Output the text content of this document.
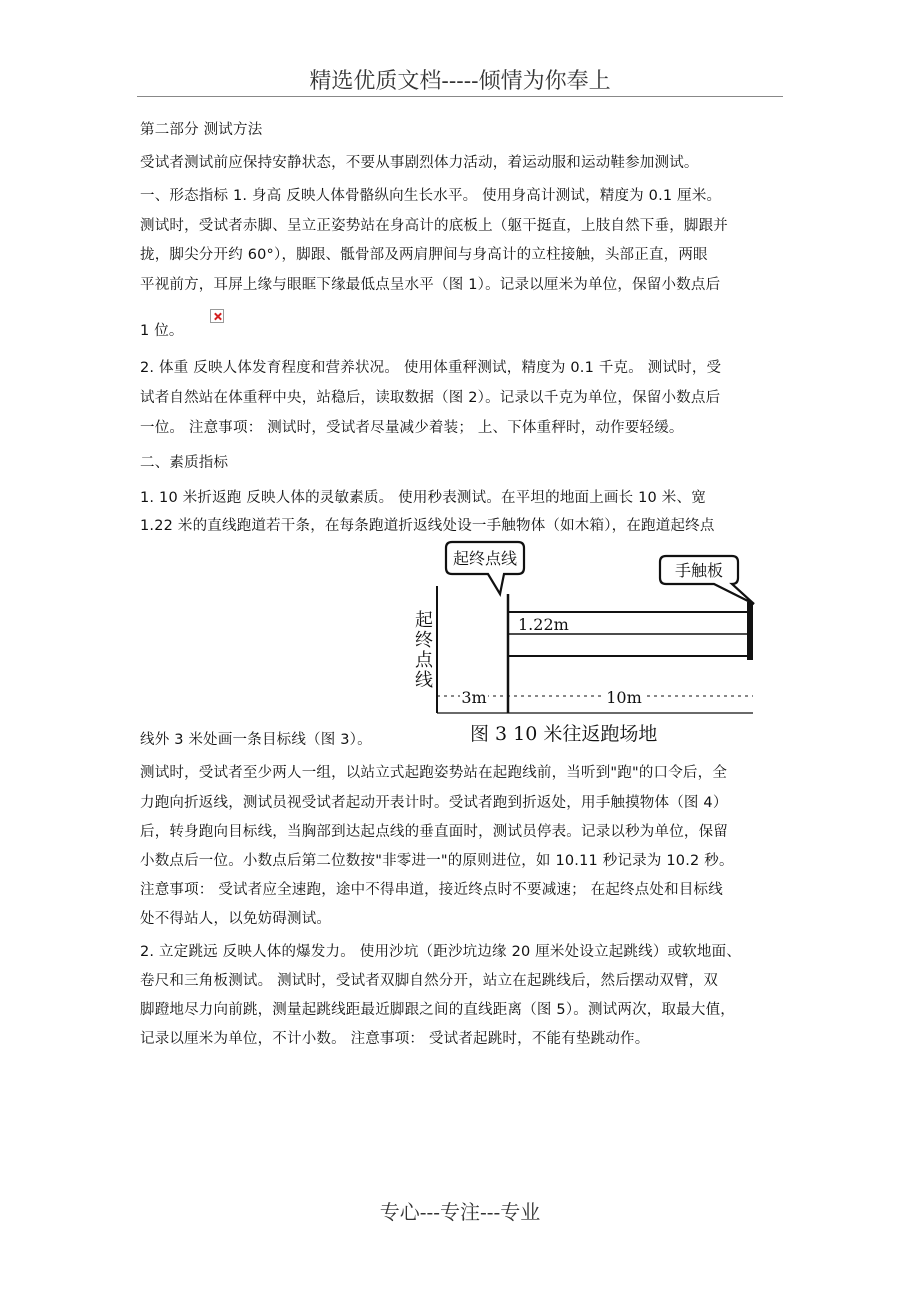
精选优质文档-----倾情为你奉上
第二部分 测试方法
受试者测试前应保持安静状态，不要从事剧烈体力活动，着运动服和运动鞋参加测试。
一、形态指标 1. 身高 反映人体骨骼纵向生长水平。 使用身高计测试，精度为 0.1 厘米。
测试时，受试者赤脚、呈立正姿势站在身高计的底板上（躯干挺直，上肢自然下垂，脚跟并
拢，脚尖分开约 60°），脚跟、骶骨部及两肩胛间与身高计的立柱接触，头部正直，两眼
平视前方，耳屏上缘与眼眶下缘最低点呈水平（图 1）。记录以厘米为单位，保留小数点后
1 位。
2. 体重 反映人体发育程度和营养状况。 使用体重秤测试，精度为 0.1 千克。 测试时，受
试者自然站在体重秤中央，站稳后，读取数据（图 2）。记录以千克为单位，保留小数点后
一位。 注意事项： 测试时，受试者尽量减少着装； 上、下体重秤时，动作要轻缓。
二、素质指标
1. 10 米折返跑 反映人体的灵敏素质。 使用秒表测试。在平坦的地面上画长 10 米、宽
1.22 米的直线跑道若干条，在每条跑道折返线处设一手触物体（如木箱），在跑道起终点
起终点线
手触板
起
终
点
线
1.22m
3m	10m
图 3 10 米往返跑场地
线外 3 米处画一条目标线（图 3）。
测试时，受试者至少两人一组，以站立式起跑姿势站在起跑线前，当听到"跑"的口令后，全
力跑向折返线，测试员视受试者起动开表计时。受试者跑到折返处，用手触摸物体（图 4）
后，转身跑向目标线，当胸部到达起点线的垂直面时，测试员停表。记录以秒为单位，保留
小数点后一位。小数点后第二位数按"非零进一"的原则进位，如 10.11 秒记录为 10.2 秒。
注意事项： 受试者应全速跑，途中不得串道，接近终点时不要减速； 在起终点处和目标线
处不得站人，以免妨碍测试。
2. 立定跳远 反映人体的爆发力。 使用沙坑（距沙坑边缘 20 厘米处设立起跳线）或软地面、
卷尺和三角板测试。 测试时，受试者双脚自然分开，站立在起跳线后，然后摆动双臂，双
脚蹬地尽力向前跳，测量起跳线距最近脚跟之间的直线距离（图 5）。测试两次，取最大值，
记录以厘米为单位，不计小数。 注意事项： 受试者起跳时，不能有垫跳动作。
专心---专注---专业
